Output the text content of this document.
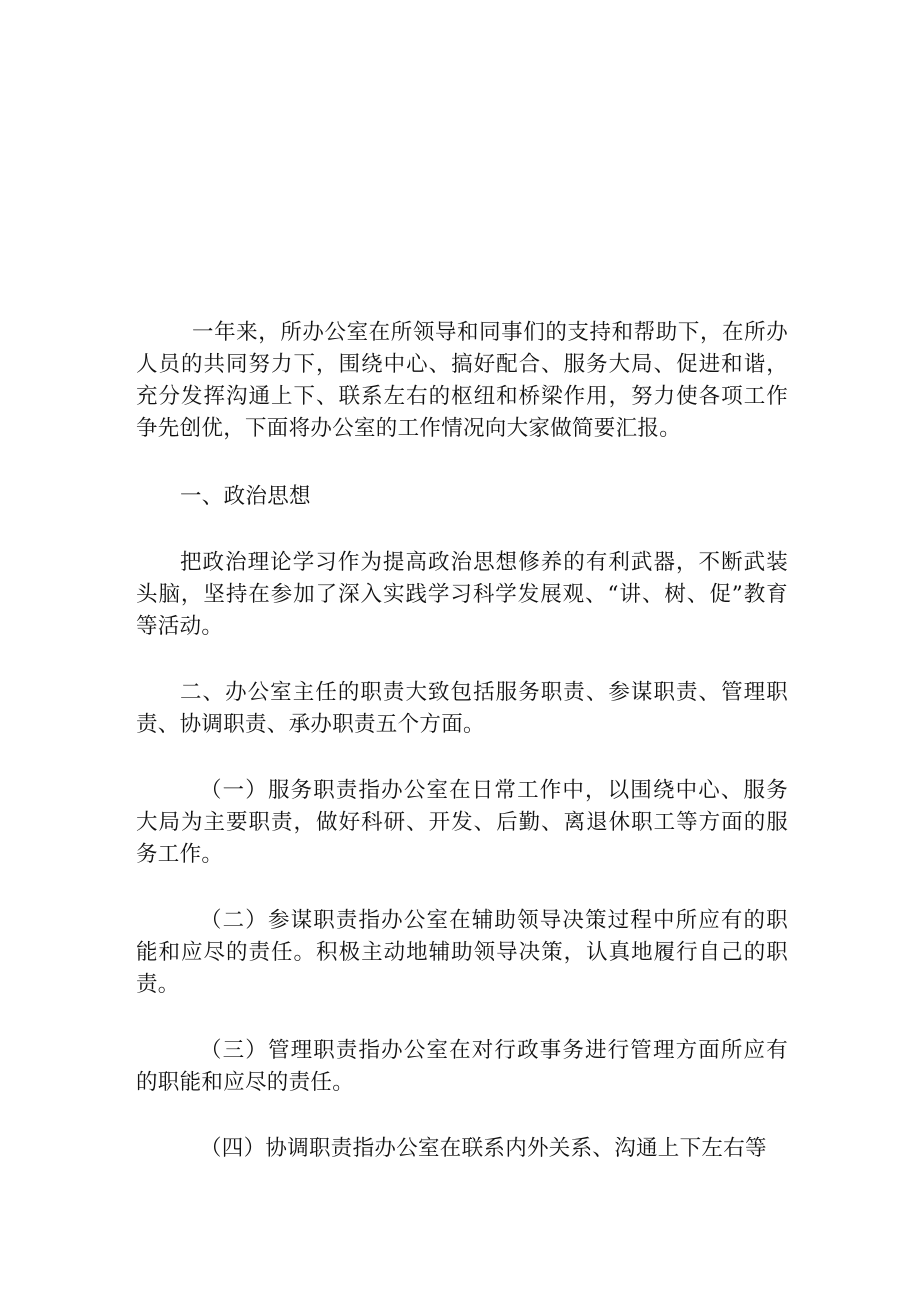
一年来，所办公室在所领导和同事们的支持和帮助下，在所办人员的共同努力下，围绕中心、搞好配合、服务大局、促进和谐，充分发挥沟通上下、联系左右的枢纽和桥梁作用，努力使各项工作争先创优，下面将办公室的工作情况向大家做简要汇报。

一、政治思想

把政治理论学习作为提高政治思想修养的有利武器，不断武装头脑，坚持在参加了深入实践学习科学发展观、“讲、树、促”教育等活动。

二、办公室主任的职责大致包括服务职责、参谋职责、管理职责、协调职责、承办职责五个方面。

（一）服务职责指办公室在日常工作中，以围绕中心、服务大局为主要职责，做好科研、开发、后勤、离退休职工等方面的服务工作。

（二）参谋职责指办公室在辅助领导决策过程中所应有的职能和应尽的责任。积极主动地辅助领导决策，认真地履行自己的职责。

（三）管理职责指办公室在对行政事务进行管理方面所应有的职能和应尽的责任。

（四）协调职责指办公室在联系内外关系、沟通上下左右等
